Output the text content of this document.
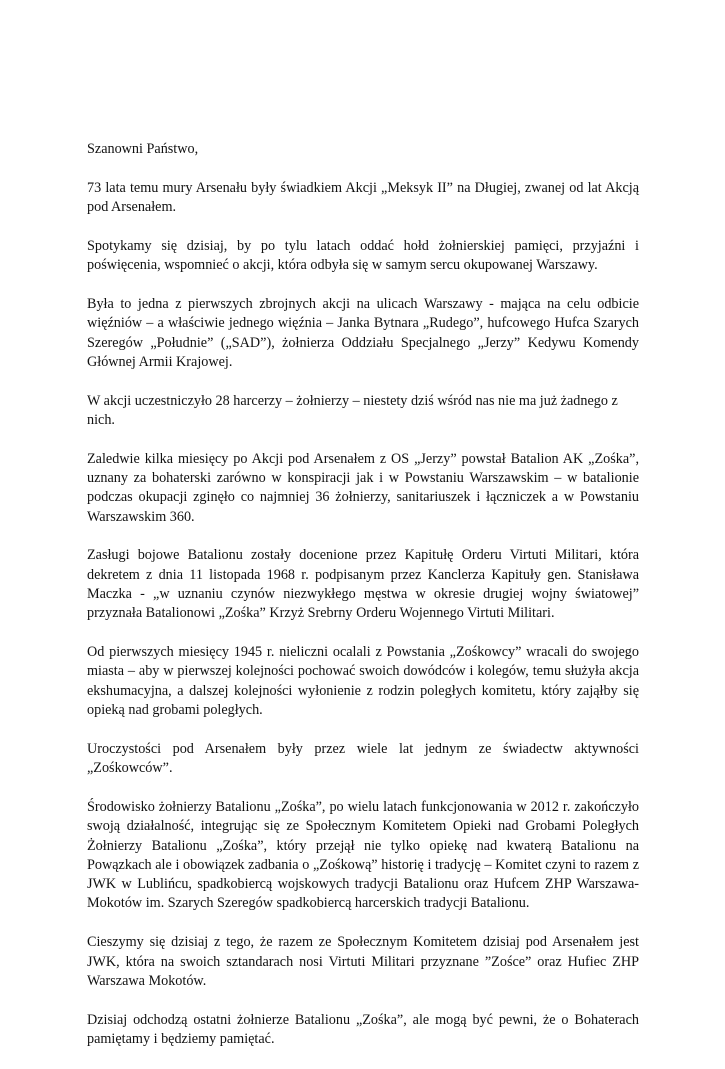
Szanowni Państwo,

73 lata temu mury Arsenału były świadkiem Akcji „Meksyk II” na Długiej, zwanej od lat Akcją pod Arsenałem.

Spotykamy się dzisiaj, by po tylu latach oddać hołd żołnierskiej pamięci, przyjaźni i poświęcenia, wspomnieć o akcji, która odbyła się w samym sercu okupowanej Warszawy.

Była to jedna z pierwszych zbrojnych akcji na ulicach Warszawy - mająca na celu odbicie więźniów – a właściwie jednego więźnia – Janka Bytnara „Rudego”, hufcowego Hufca Szarych Szeregów „Południe” („SAD”), żołnierza Oddziału Specjalnego „Jerzy” Kedywu Komendy Głównej Armii Krajowej.

W akcji uczestniczyło 28 harcerzy – żołnierzy – niestety dziś wśród nas nie ma już żadnego z nich.

Zaledwie kilka miesięcy po Akcji pod Arsenałem z OS „Jerzy” powstał Batalion AK „Zośka”, uznany za bohaterski zarówno w konspiracji jak i w Powstaniu Warszawskim – w batalionie podczas okupacji zginęło co najmniej 36 żołnierzy, sanitariuszek i łączniczek a w Powstaniu Warszawskim 360.

Zasługi bojowe Batalionu zostały docenione przez Kapitułę Orderu Virtuti Militari, która dekretem z dnia 11 listopada 1968 r. podpisanym przez Kanclerza Kapituły gen. Stanisława Maczka - „w uznaniu czynów niezwykłego męstwa w okresie drugiej wojny światowej” przyznała Batalionowi „Zośka” Krzyż Srebrny Orderu Wojennego Virtuti Militari.

Od pierwszych miesięcy 1945 r. nieliczni ocalali z Powstania „Zośkowcy” wracali do swojego miasta – aby w pierwszej kolejności pochować swoich dowódców i kolegów, temu służyła akcja ekshumacyjna, a dalszej kolejności wyłonienie z rodzin poległych komitetu, który zająłby się opieką nad grobami poległych.

Uroczystości pod Arsenałem były przez wiele lat jednym ze świadectw aktywności „Zośkowców”.

Środowisko żołnierzy Batalionu „Zośka”, po wielu latach funkcjonowania w 2012 r. zakończyło swoją działalność, integrując się ze Społecznym Komitetem Opieki nad Grobami Poległych Żołnierzy Batalionu „Zośka”, który przejął nie tylko opiekę nad kwaterą Batalionu na Powązkach ale i obowiązek zadbania o „Zośkową” historię i tradycję – Komitet czyni to razem z JWK w Lublińcu, spadkobiercą wojskowych tradycji Batalionu oraz Hufcem ZHP Warszawa-Mokotów im. Szarych Szeregów spadkobiercą harcerskich tradycji Batalionu.

Cieszymy się dzisiaj z tego, że razem ze Społecznym Komitetem dzisiaj pod Arsenałem jest JWK, która na swoich sztandarach nosi Virtuti Militari przyznane ”Zośce” oraz Hufiec ZHP Warszawa Mokotów.

Dzisiaj odchodzą ostatni żołnierze Batalionu „Zośka”, ale mogą być pewni, że o Bohaterach pamiętamy i będziemy pamiętać.
